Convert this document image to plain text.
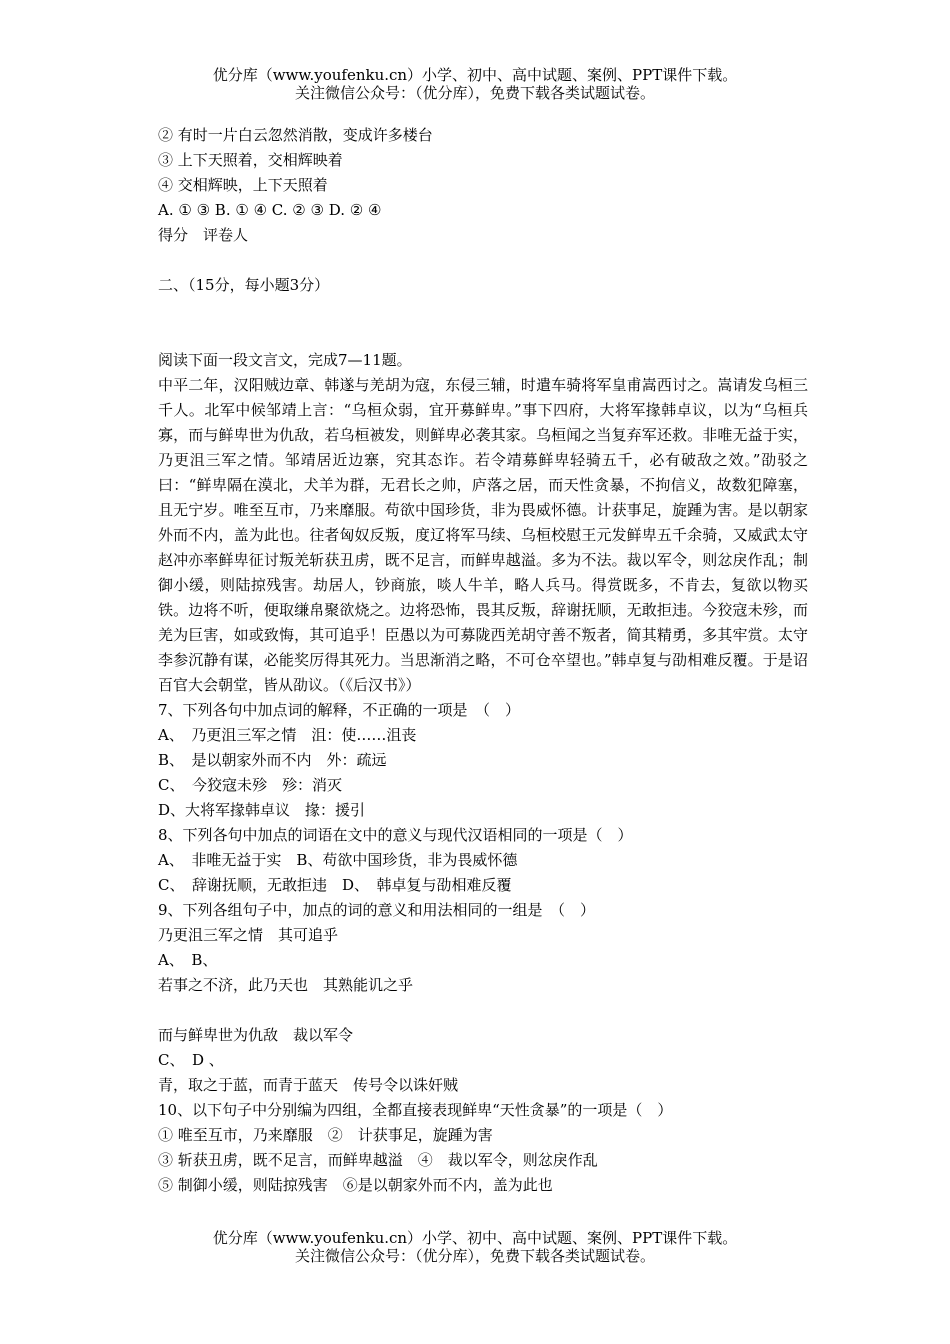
优分库（www.youfenku.cn）小学、初中、高中试题、案例、PPT课件下载。
关注微信公众号：（优分库），免费下载各类试题试卷。
② 有时一片白云忽然消散，变成许多楼台
③ 上下天照着，交相辉映着
④ 交相辉映，上下天照着
A. ① ③ B. ① ④ C. ② ③ D. ② ④
得分　评卷人
二、（15分，每小题3分）
阅读下面一段文言文，完成7—11题。
中平二年，汉阳贼边章、韩遂与羌胡为寇，东侵三辅，时遣车骑将军皇甫嵩西讨之。嵩请发乌桓三千人。北军中候邹靖上言：“乌桓众弱，宜开募鲜卑。”事下四府，大将军掾韩卓议，以为“乌桓兵寡，而与鲜卑世为仇敌，若乌桓被发，则鲜卑必袭其家。乌桓闻之当复弃军还救。非唯无益于实，乃更沮三军之情。邹靖居近边寨，究其态诈。若令靖募鲜卑轻骑五千，必有破敌之效。”劭驳之曰：“鲜卑隔在漠北，犬羊为群，无君长之帅，庐落之居，而天性贪暴，不拘信义，故数犯障塞，且无宁岁。唯至互市，乃来靡服。苟欲中国珍货，非为畏威怀德。计获事足，旋踵为害。是以朝家外而不内，盖为此也。往者匈奴反叛，度辽将军马续、乌桓校慰王元发鲜卑五千余骑，又威武太守赵冲亦率鲜卑征讨叛羌斩获丑虏，既不足言，而鲜卑越溢。多为不法。裁以军令，则忿戾作乱；制御小缓，则陆掠残害。劫居人，钞商旅，啖人牛羊，略人兵马。得赏既多，不肯去，复欲以物买铁。边将不听，便取缣帛聚欲烧之。边将恐怖，畏其反叛，辞谢抚顺，无敢拒违。今狡寇未殄，而羌为巨害，如或致悔，其可追乎！臣愚以为可募陇西羌胡守善不叛者，简其精勇，多其牢赏。太守李参沉静有谋，必能奖厉得其死力。当思渐消之略，不可仓卒望也。”韩卓复与劭相难反覆。于是诏百官大会朝堂，皆从劭议。（《后汉书》）
7、下列各句中加点词的解释，不正确的一项是　（　）
A、　乃更沮三军之情　沮：使……沮丧
B、　是以朝家外而不内　外：疏远
C、　今狡寇未殄　殄：消灭
D、大将军掾韩卓议　掾：援引
8、下列各句中加点的词语在文中的意义与现代汉语相同的一项是（　）
A、　非唯无益于实　B、苟欲中国珍货，非为畏威怀德
C、　辞谢抚顺，无敢拒违　D、　韩卓复与劭相难反覆
9、下列各组句子中，加点的词的意义和用法相同的一组是　（　）
乃更沮三军之情　其可追乎
A、　B、
若事之不济，此乃天也　其熟能讥之乎
而与鲜卑世为仇敌　裁以军令
C、　D 、
青，取之于蓝，而青于蓝天　传号令以诛奸贼
10、以下句子中分别编为四组，全都直接表现鲜卑“天性贪暴”的一项是（　）
① 唯至互市，乃来靡服　②　计获事足，旋踵为害
③ 斩获丑虏，既不足言，而鲜卑越溢　④　裁以军令，则忿戾作乱
⑤ 制御小缓，则陆掠残害　⑥是以朝家外而不内，盖为此也
优分库（www.youfenku.cn）小学、初中、高中试题、案例、PPT课件下载。
关注微信公众号：（优分库），免费下载各类试题试卷。
